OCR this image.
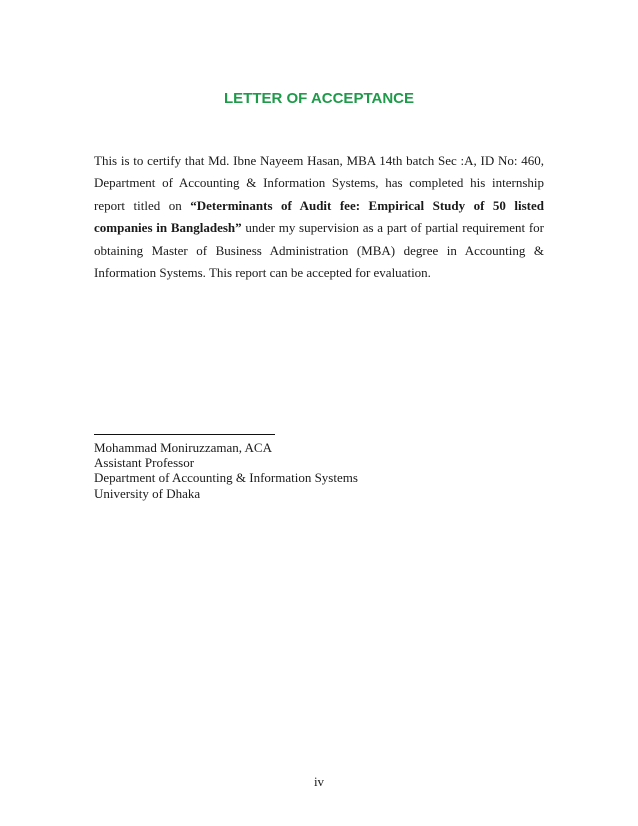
LETTER OF ACCEPTANCE

This is to certify that Md. Ibne Nayeem Hasan, MBA 14th batch Sec :A, ID No: 460, Department of Accounting & Information Systems, has completed his internship report titled on “Determinants of Audit fee: Empirical Study of 50 listed companies in Bangladesh” under my supervision as a part of partial requirement for obtaining Master of Business Administration (MBA) degree in Accounting & Information Systems. This report can be accepted for evaluation.

Mohammad Moniruzzaman, ACA
Assistant Professor
Department of Accounting & Information Systems
University of Dhaka
iv
